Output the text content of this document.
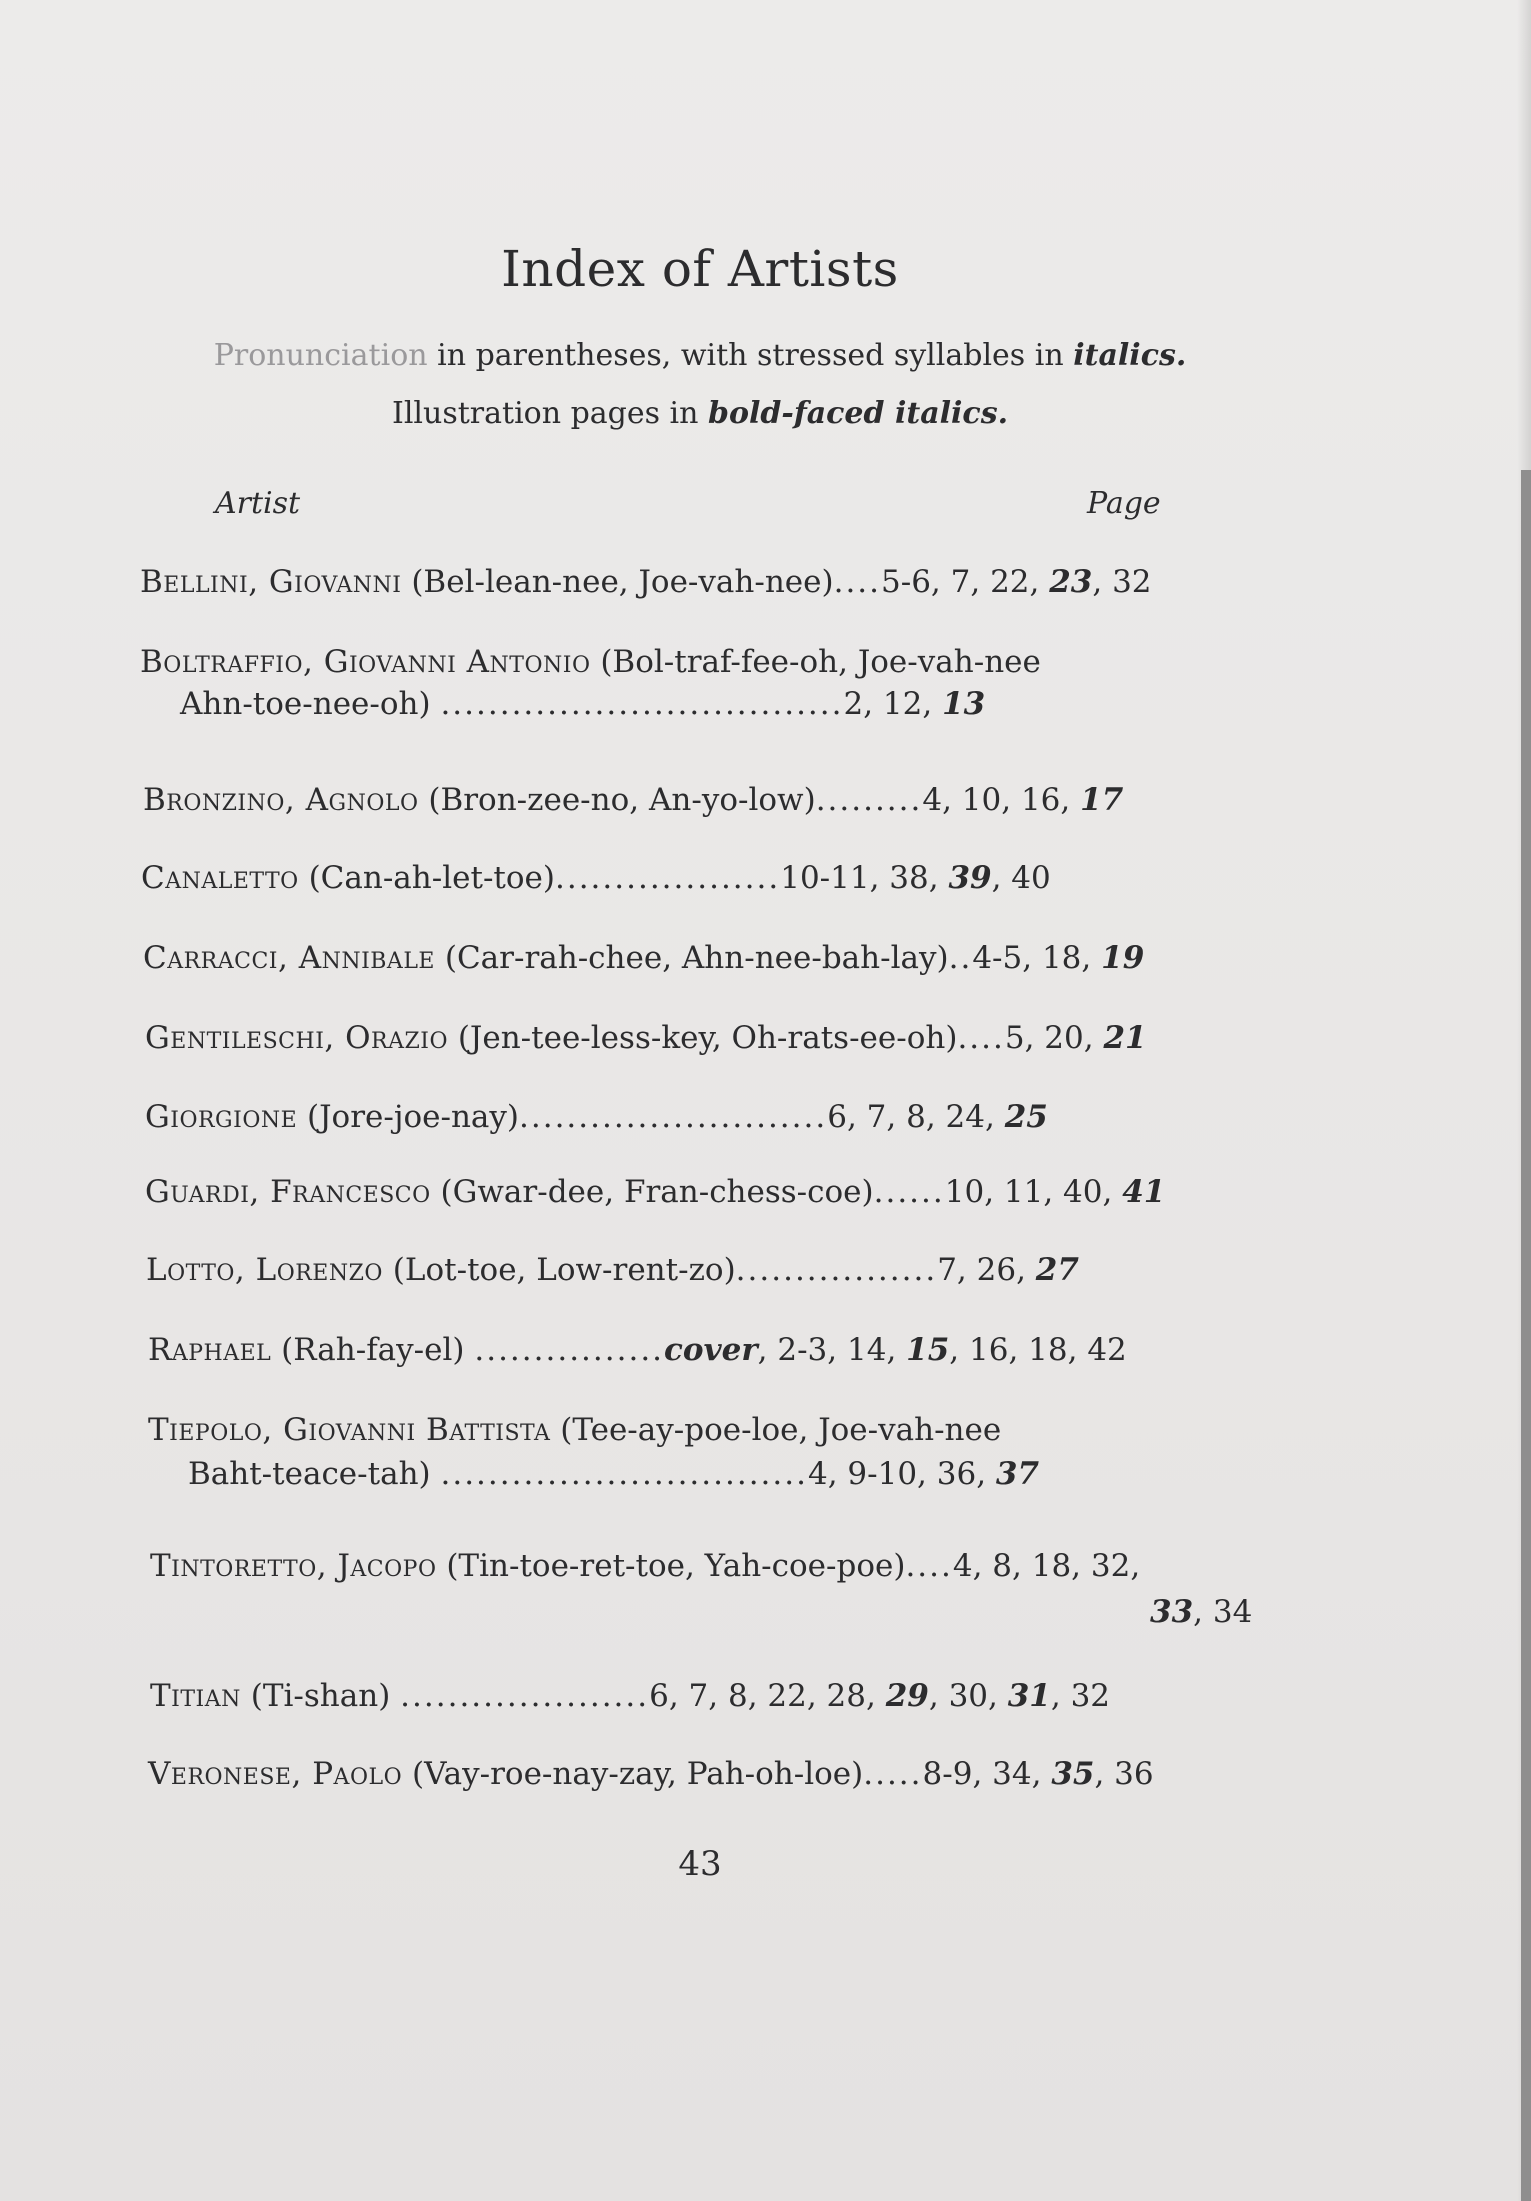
Index of Artists
Pronunciation in parentheses, with stressed syllables in italics.
Illustration pages in bold-faced italics.
Artist	Page
Bellini, Giovanni (Bel-lean-nee, Joe-vah-nee)....5-6, 7, 22, 23, 32
Boltraffio, Giovanni Antonio (Bol-traf-fee-oh, Joe-vah-nee
Ahn-toe-nee-oh) ..................................2, 12, 13
Bronzino, Agnolo (Bron-zee-no, An-yo-low).........4, 10, 16, 17
Canaletto (Can-ah-let-toe)...................10-11, 38, 39, 40
Carracci, Annibale (Car-rah-chee, Ahn-nee-bah-lay)..4-5, 18, 19
Gentileschi, Orazio (Jen-tee-less-key, Oh-rats-ee-oh)....5, 20, 21
Giorgione (Jore-joe-nay)..........................6, 7, 8, 24, 25
Guardi, Francesco (Gwar-dee, Fran-chess-coe)......10, 11, 40, 41
Lotto, Lorenzo (Lot-toe, Low-rent-zo).................7, 26, 27
Raphael (Rah-fay-el) ................cover, 2-3, 14, 15, 16, 18, 42
Tiepolo, Giovanni Battista (Tee-ay-poe-loe, Joe-vah-nee
Baht-teace-tah) ...............................4, 9-10, 36, 37
Tintoretto, Jacopo (Tin-toe-ret-toe, Yah-coe-poe)....4, 8, 18, 32,
33, 34
Titian (Ti-shan) .....................6, 7, 8, 22, 28, 29, 30, 31, 32
Veronese, Paolo (Vay-roe-nay-zay, Pah-oh-loe).....8-9, 34, 35, 36
43
